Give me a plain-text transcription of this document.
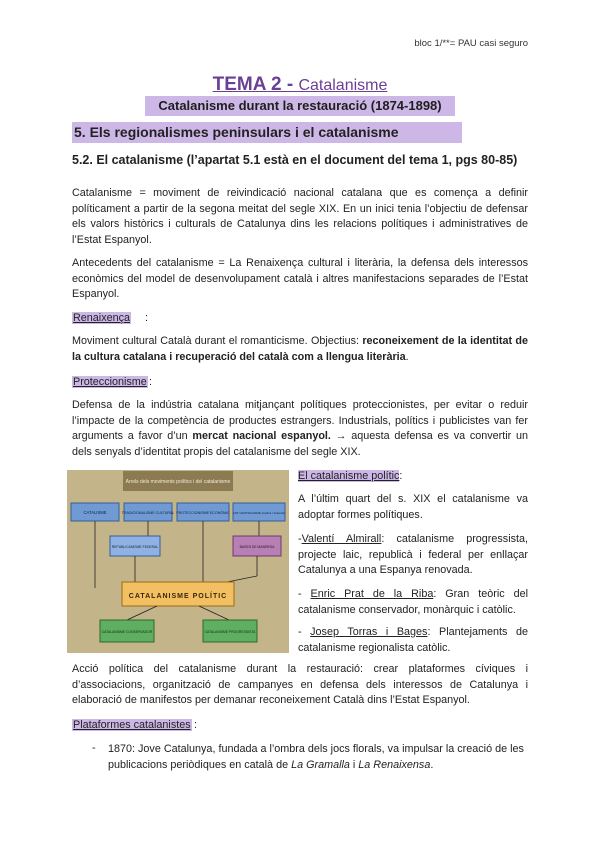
bloc 1/**= PAU casi seguro
TEMA 2 - Catalanisme
Catalanisme durant la restauració (1874-1898)
5. Els regionalismes peninsulars i el catalanisme
5.2. El catalanisme (l’apartat 5.1 està en el document del tema 1, pgs 80-85)

Catalanisme = moviment de reivindicació nacional catalana que es comença a definir políticament a partir de la segona meitat del segle XIX. En un inici tenia l’objectiu de defensar els valors històrics i culturals de Catalunya dins les relacions polítiques i administratives de l’Estat Espanyol.

Antecedents del catalanisme = La Renaixença cultural i literària, la defensa dels interessos econòmics del model de desenvolupament català i altres manifestacions separades de l’Estat Espanyol.

Renaixença :

Moviment cultural Català durant el romanticisme. Objectius: reconeixement de la identitat de la cultura catalana i recuperació del català com a llengua literària.

Proteccionisme :

Defensa de la indústria catalana mitjançant polítiques proteccionistes, per evitar o reduir l’impacte de la competència de productes estrangers. Industrials, polítics i publicistes van fer arguments a favor d’un mercat nacional espanyol. → aquesta defensa es va convertir un dels senyals d’identitat propis del catalanisme del segle XIX.

Arrels dels moviments polítics i del catalanisme
CATALISME	TRADICIONALISME CULTURAL PROTECCIONISME ECONÒMIC ANT CENTRALISME (carlins i federals)
REPUBLICANISME FEDERAL	BASES DE MANRESA
CATALANISME POLÍTIC
CATALANISME CONSERVADOR	CATALANISME PROGRESSISTA
El catalanisme polític:

A l’últim quart del s. XIX el catalanisme va adoptar formes polítiques.

-Valentí Almirall: catalanisme progressista, projecte laic, republicà i federal per enllaçar Catalunya a una Espanya renovada.

- Enric Prat de la Riba: Gran teòric del catalanisme conservador, monàrquic i catòlic.

- Josep Torras i Bages: Plantejaments de catalanisme regionalista catòlic.

Acció política del catalanisme durant la restauració: crear plataformes cíviques i d’associacions, organització de campanyes en defensa dels interessos de Catalunya i elaboració de manifestos per demanar reconeixement Català dins l’Estat Espanyol.

Plataformes catalanistes :
- 1870: Jove Catalunya, fundada a l’ombra dels jocs florals, va impulsar la creació de les publicacions periòdiques en català de La Gramalla i La Renaixensa.
